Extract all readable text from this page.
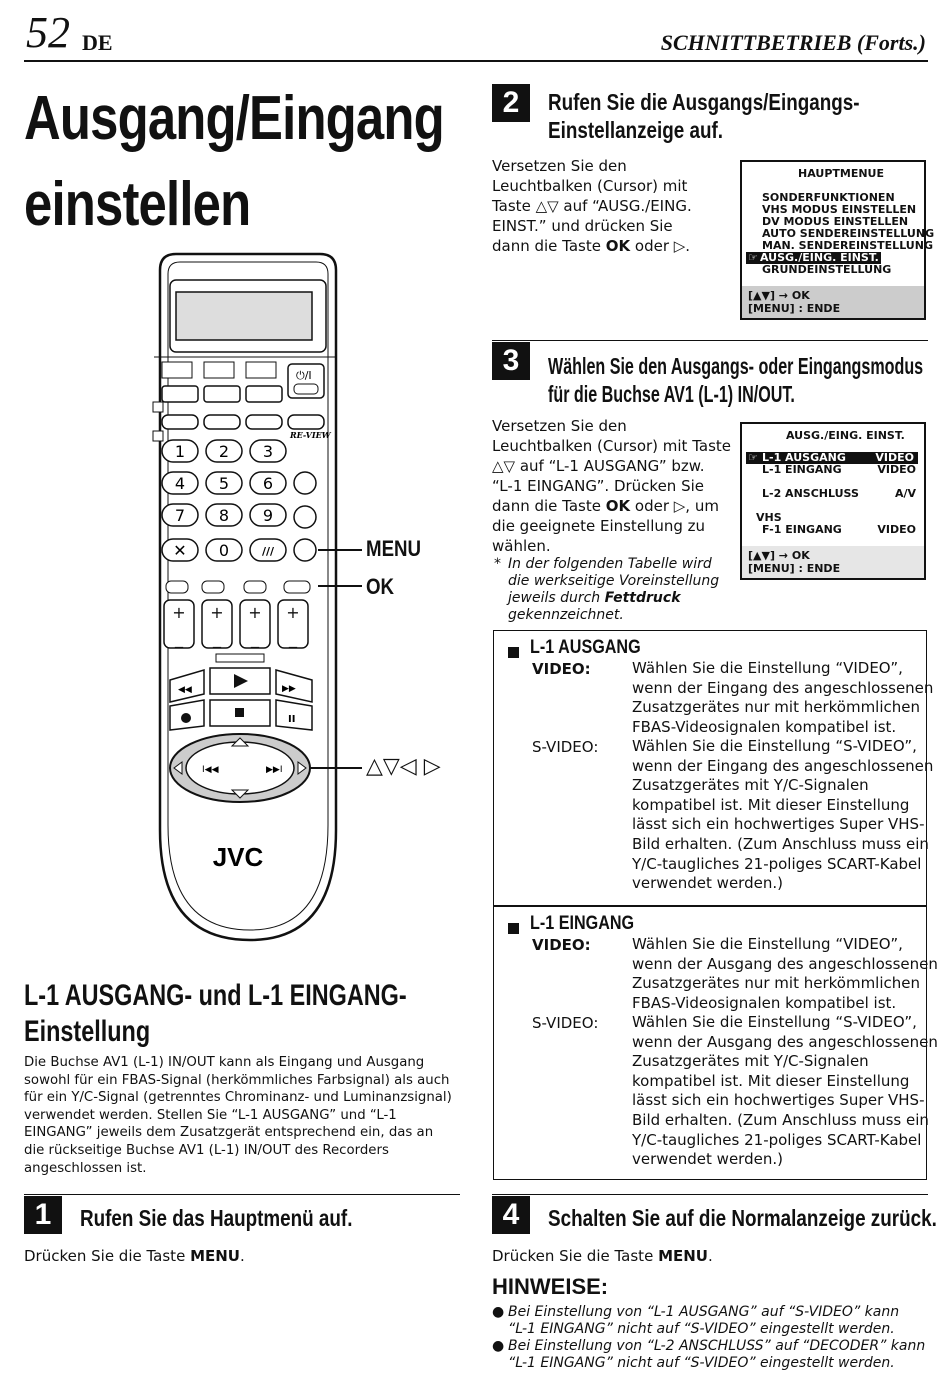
52 DE	SCHNITTBETRIEB (Forts.)
Ausgang/Eingang
einstellen
⏻/I
RE-VIEW
1 2 3
4 5 6
7 8 9
✕ 0	///
+
_
+
_
+
_
+
_
◀◀	▶▶
II
I◀◀	▶▶I
JVC
MENU
OK
△▽◁ ▷
L-1 AUSGANG- und L-1 EINGANG-
Einstellung
Die Buchse AV1 (L-1) IN/OUT kann als Eingang und Ausgang
sowohl für ein FBAS-Signal (herkömmliches Farbsignal) als auch
für ein Y/C-Signal (getrenntes Chrominanz- und Luminanzsignal)
verwendet werden. Stellen Sie “L-1 AUSGANG” und “L-1
EINGANG” jeweils dem Zusatzgerät entsprechend ein, das an
die rückseitige Buchse AV1 (L-1) IN/OUT des Recorders
angeschlossen ist.
1	Rufen Sie das Hauptmenü auf.
Drücken Sie die Taste MENU.
2	Rufen Sie die Ausgangs/Eingangs-
Einstellanzeige auf.
Versetzen Sie den
Leuchtbalken (Cursor) mit
Taste △▽ auf “AUSG./EING.
EINST.” und drücken Sie
dann die Taste OK oder ▷.
HAUPTMENUE
SONDERFUNKTIONEN
VHS MODUS EINSTELLEN
DV MODUS EINSTELLEN
AUTO SENDEREINSTELLUNG
MAN. SENDEREINSTELLUNG
☞ AUSG./EING. EINST.
GRUNDEINSTELLUNG
[▲▼] → OK
[MENU] : ENDE
3	Wählen Sie den Ausgangs- oder Eingangsmodus
für die Buchse AV1 (L-1) IN/OUT.
Versetzen Sie den
Leuchtbalken (Cursor) mit Taste
△▽ auf “L-1 AUSGANG” bzw.
“L-1 EINGANG”. Drücken Sie
dann die Taste OK oder ▷, um
die geeignete Einstellung zu
wählen.
* In der folgenden Tabelle wird
die werkseitige Voreinstellung
jeweils durch Fettdruck
gekennzeichnet.
AUSG./EING. EINST.
☞ L-1 AUSGANG	VIDEO
L-1 EINGANG	VIDEO
L-2 ANSCHLUSS	A/V
VHS
F-1 EINGANG	VIDEO
[▲▼] → OK
[MENU] : ENDE
L-1 AUSGANG
VIDEO:	Wählen Sie die Einstellung “VIDEO”,
wenn der Eingang des angeschlossenen
Zusatzgerätes nur mit herkömmlichen
FBAS-Videosignalen kompatibel ist.
S-VIDEO: Wählen Sie die Einstellung “S-VIDEO”,
wenn der Eingang des angeschlossenen
Zusatzgerätes mit Y/C-Signalen
kompatibel ist. Mit dieser Einstellung
lässt sich ein hochwertiges Super VHS-
Bild erhalten. (Zum Anschluss muss ein
Y/C-taugliches 21-poliges SCART-Kabel
verwendet werden.)
L-1 EINGANG
VIDEO:	Wählen Sie die Einstellung “VIDEO”,
wenn der Ausgang des angeschlossenen
Zusatzgerätes nur mit herkömmlichen
FBAS-Videosignalen kompatibel ist.
S-VIDEO: Wählen Sie die Einstellung “S-VIDEO”,
wenn der Ausgang des angeschlossenen
Zusatzgerätes mit Y/C-Signalen
kompatibel ist. Mit dieser Einstellung
lässt sich ein hochwertiges Super VHS-
Bild erhalten. (Zum Anschluss muss ein
Y/C-taugliches 21-poliges SCART-Kabel
verwendet werden.)
4	Schalten Sie auf die Normalanzeige zurück.
Drücken Sie die Taste MENU.
HINWEISE:
● Bei Einstellung von “L-1 AUSGANG” auf “S-VIDEO” kann
“L-1 EINGANG” nicht auf “S-VIDEO” eingestellt werden.
● Bei Einstellung von “L-2 ANSCHLUSS” auf “DECODER” kann
“L-1 EINGANG” nicht auf “S-VIDEO” eingestellt werden.
